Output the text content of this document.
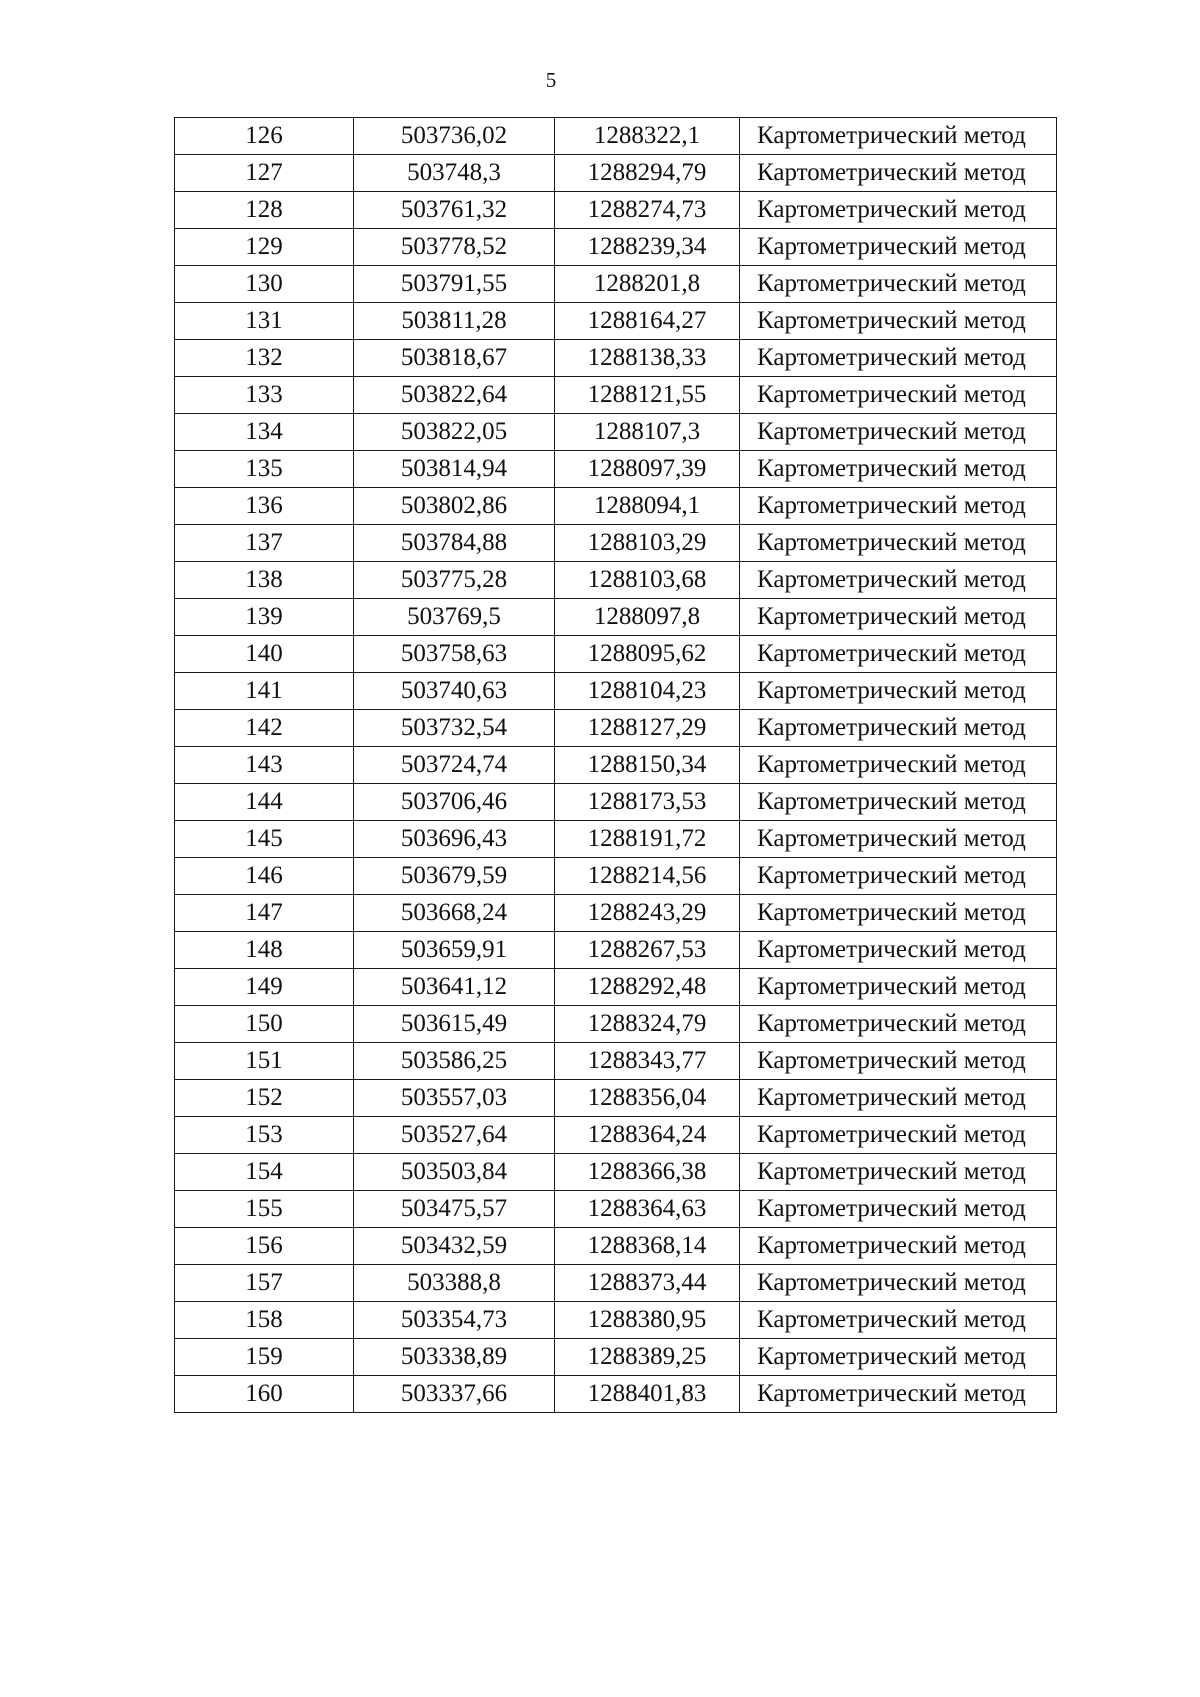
5
126	503736,02	1288322,1	Картометрический метод
127	503748,3	1288294,79	Картометрический метод
128	503761,32	1288274,73	Картометрический метод
129	503778,52	1288239,34	Картометрический метод
130	503791,55	1288201,8	Картометрический метод
131	503811,28	1288164,27	Картометрический метод
132	503818,67	1288138,33	Картометрический метод
133	503822,64	1288121,55	Картометрический метод
134	503822,05	1288107,3	Картометрический метод
135	503814,94	1288097,39	Картометрический метод
136	503802,86	1288094,1	Картометрический метод
137	503784,88	1288103,29	Картометрический метод
138	503775,28	1288103,68	Картометрический метод
139	503769,5	1288097,8	Картометрический метод
140	503758,63	1288095,62	Картометрический метод
141	503740,63	1288104,23	Картометрический метод
142	503732,54	1288127,29	Картометрический метод
143	503724,74	1288150,34	Картометрический метод
144	503706,46	1288173,53	Картометрический метод
145	503696,43	1288191,72	Картометрический метод
146	503679,59	1288214,56	Картометрический метод
147	503668,24	1288243,29	Картометрический метод
148	503659,91	1288267,53	Картометрический метод
149	503641,12	1288292,48	Картометрический метод
150	503615,49	1288324,79	Картометрический метод
151	503586,25	1288343,77	Картометрический метод
152	503557,03	1288356,04	Картометрический метод
153	503527,64	1288364,24	Картометрический метод
154	503503,84	1288366,38	Картометрический метод
155	503475,57	1288364,63	Картометрический метод
156	503432,59	1288368,14	Картометрический метод
157	503388,8	1288373,44	Картометрический метод
158	503354,73	1288380,95	Картометрический метод
159	503338,89	1288389,25	Картометрический метод
160	503337,66	1288401,83	Картометрический метод
